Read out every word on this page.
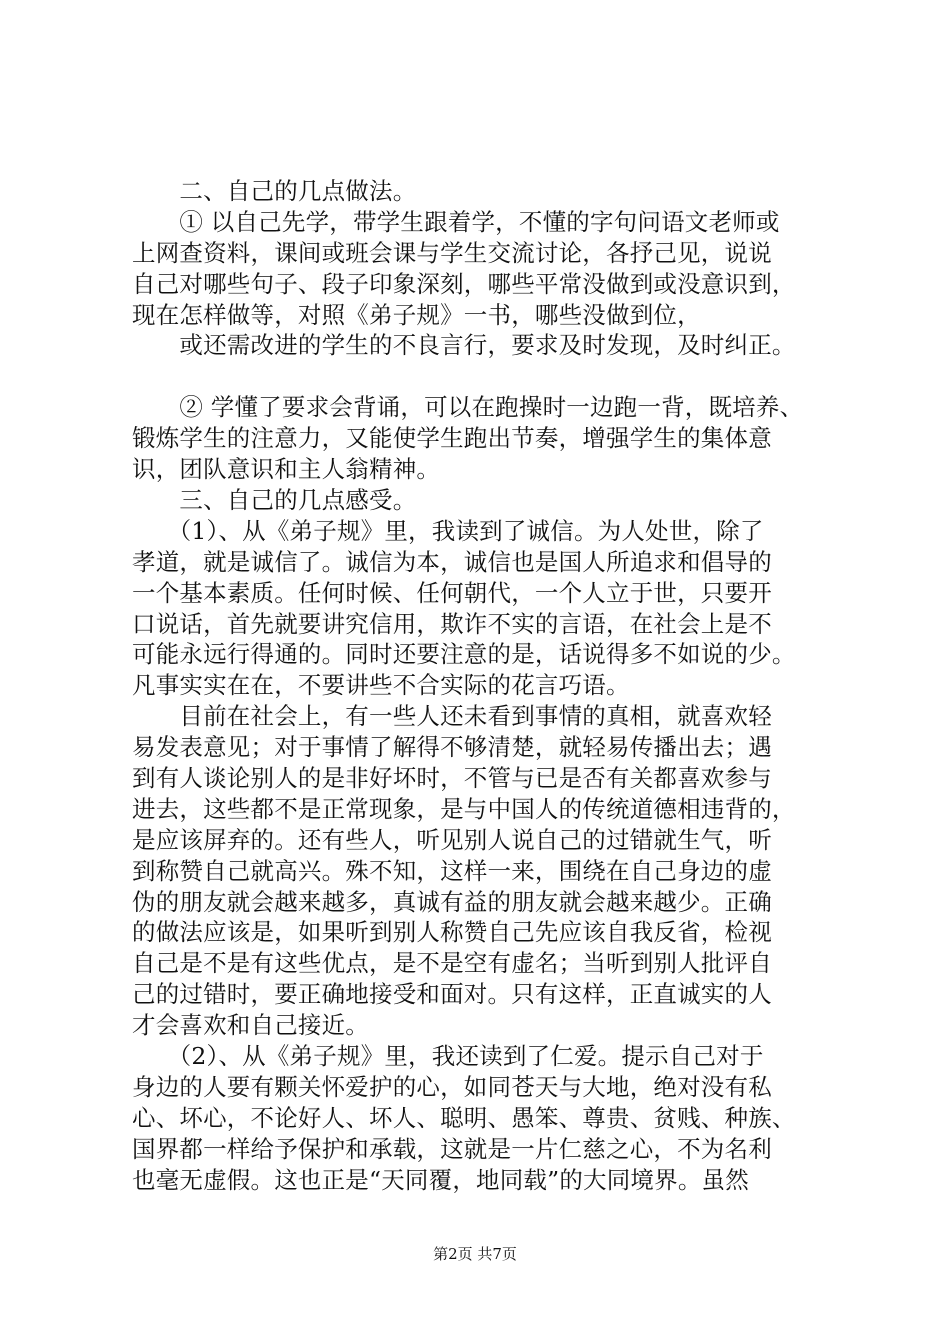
　　二、自己的几点做法。
　　① 以自己先学，带学生跟着学，不懂的字句问语文老师或
上网查资料，课间或班会课与学生交流讨论，各抒己见，说说
自己对哪些句子、段子印象深刻，哪些平常没做到或没意识到，
现在怎样做等，对照《弟子规》一书，哪些没做到位，
　　或还需改进的学生的不良言行，要求及时发现，及时纠正。
　　② 学懂了要求会背诵，可以在跑操时一边跑一背，既培养、
锻炼学生的注意力，又能使学生跑出节奏，增强学生的集体意
识，团队意识和主人翁精神。
　　三、自己的几点感受。
　　（1）、从《弟子规》里，我读到了诚信。为人处世，除了
孝道，就是诚信了。诚信为本，诚信也是国人所追求和倡导的
一个基本素质。任何时候、任何朝代，一个人立于世，只要开
口说话，首先就要讲究信用，欺诈不实的言语，在社会上是不
可能永远行得通的。同时还要注意的是，话说得多不如说的少。
凡事实实在在，不要讲些不合实际的花言巧语。
　　目前在社会上，有一些人还未看到事情的真相，就喜欢轻
易发表意见；对于事情了解得不够清楚，就轻易传播出去；遇
到有人谈论别人的是非好坏时，不管与已是否有关都喜欢参与
进去，这些都不是正常现象，是与中国人的传统道德相违背的，
是应该屏弃的。还有些人，听见别人说自己的过错就生气，听
到称赞自己就高兴。殊不知，这样一来，围绕在自己身边的虚
伪的朋友就会越来越多，真诚有益的朋友就会越来越少。正确
的做法应该是，如果听到别人称赞自己先应该自我反省，检视
自己是不是有这些优点，是不是空有虚名；当听到别人批评自
己的过错时，要正确地接受和面对。只有这样，正直诚实的人
才会喜欢和自己接近。
　　（2）、从《弟子规》里，我还读到了仁爱。提示自己对于
身边的人要有颗关怀爱护的心，如同苍天与大地，绝对没有私
心、坏心，不论好人、坏人、聪明、愚笨、尊贵、贫贱、种族、
国界都一样给予保护和承载，这就是一片仁慈之心，不为名利
也毫无虚假。这也正是“天同覆，地同载”的大同境界。虽然
第2页 共7页
